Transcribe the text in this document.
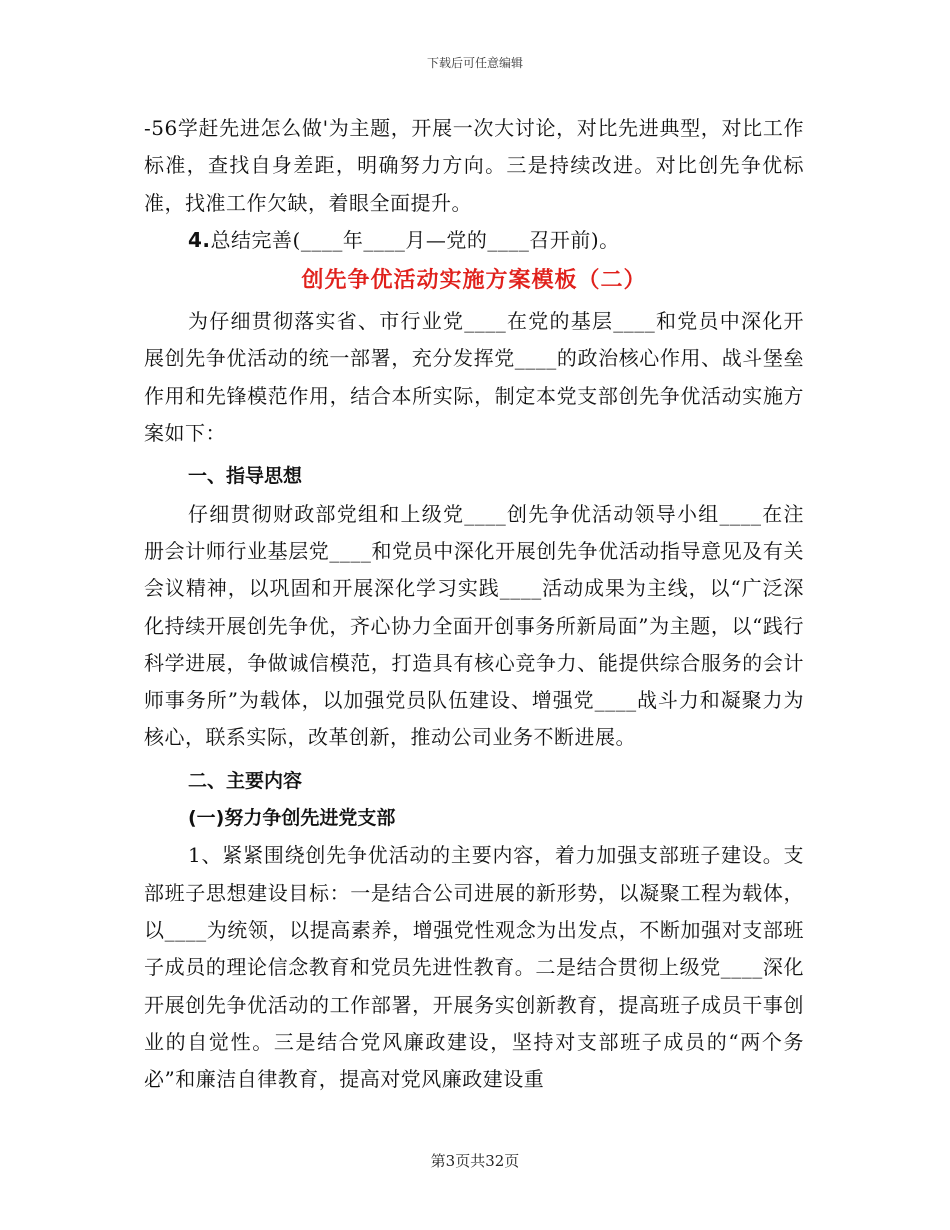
下载后可任意编辑

-56学赶先进怎么做'为主题，开展一次大讨论，对比先进典型，对比工作标准，查找自身差距，明确努力方向。三是持续改进。对比创先争优标准，找准工作欠缺，着眼全面提升。

4.总结完善(____年____月—党的____召开前)。

创先争优活动实施方案模板（二）

为仔细贯彻落实省、市行业党____在党的基层____和党员中深化开展创先争优活动的统一部署，充分发挥党____的政治核心作用、战斗堡垒作用和先锋模范作用，结合本所实际，制定本党支部创先争优活动实施方案如下：

一、指导思想

仔细贯彻财政部党组和上级党____创先争优活动领导小组____在注册会计师行业基层党____和党员中深化开展创先争优活动指导意见及有关会议精神，以巩固和开展深化学习实践____活动成果为主线，以“广泛深化持续开展创先争优，齐心协力全面开创事务所新局面”为主题，以“践行科学进展，争做诚信模范，打造具有核心竞争力、能提供综合服务的会计师事务所”为载体，以加强党员队伍建设、增强党____战斗力和凝聚力为核心，联系实际，改革创新，推动公司业务不断进展。

二、主要内容

(一)努力争创先进党支部

1、紧紧围绕创先争优活动的主要内容，着力加强支部班子建设。支部班子思想建设目标：一是结合公司进展的新形势，以凝聚工程为载体，以____为统领，以提高素养，增强党性观念为出发点，不断加强对支部班子成员的理论信念教育和党员先进性教育。二是结合贯彻上级党____深化开展创先争优活动的工作部署，开展务实创新教育，提高班子成员干事创业的自觉性。三是结合党风廉政建设，坚持对支部班子成员的“两个务必”和廉洁自律教育，提高对党风廉政建设重

第3页共32页
